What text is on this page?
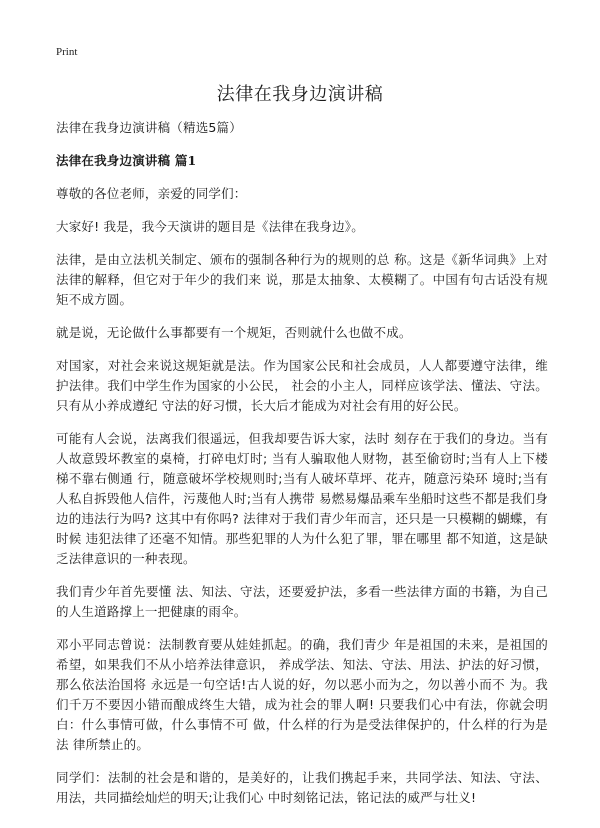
Print
法律在我身边演讲稿

法律在我身边演讲稿（精选5篇）

法律在我身边演讲稿 篇1

尊敬的各位老师，亲爱的同学们：

大家好! 我是，我今天演讲的题目是《法律在我身边》。

法律，是由立法机关制定、颁布的强制各种行为的规则的总 称。这是《新华词典》上对法律的解释，但它对于年少的我们来 说，那是太抽象、太模糊了。中国有句古话没有规矩不成方圆。

就是说，无论做什么事都要有一个规矩，否则就什么也做不成。

对国家，对社会来说这规矩就是法。作为国家公民和社会成员，人人都要遵守法律，维护法律。我们中学生作为国家的小公民， 社会的小主人，同样应该学法、懂法、守法。只有从小养成遵纪 守法的好习惯，长大后才能成为对社会有用的好公民。

可能有人会说，法离我们很遥远，但我却要告诉大家，法时 刻存在于我们的身边。当有人故意毁坏教室的桌椅，打碎电灯时; 当有人骗取他人财物，甚至偷窃时;当有人上下楼梯不靠右侧通 行，随意破坏学校规则时;当有人破坏草坪、花卉，随意污染环 境时;当有人私自拆毁他人信件，污蔑他人时;当有人携带 易燃易爆品乘车坐船时这些不都是我们身边的违法行为吗? 这其中有你吗? 法律对于我们青少年而言，还只是一只模糊的蝴蝶，有时候 违犯法律了还毫不知情。那些犯罪的人为什么犯了罪，罪在哪里 都不知道，这是缺乏法律意识的一种表现。

我们青少年首先要懂 法、知法、守法，还要爱护法，多看一些法律方面的书籍，为自己的人生道路撑上一把健康的雨伞。

邓小平同志曾说：法制教育要从娃娃抓起。的确，我们青少 年是祖国的未来，是祖国的希望，如果我们不从小培养法律意识， 养成学法、知法、守法、用法、护法的好习惯，那么依法治国将 永远是一句空话!古人说的好，勿以恶小而为之，勿以善小而不 为。我们千万不要因小错而酿成终生大错，成为社会的罪人啊! 只要我们心中有法，你就会明白：什么事情可做，什么事情不可 做，什么样的行为是受法律保护的，什么样的行为是法 律所禁止的。

同学们：法制的社会是和谐的，是美好的，让我们携起手来，共同学法、知法、守法、用法，共同描绘灿烂的明天;让我们心 中时刻铭记法，铭记法的威严与壮义!
